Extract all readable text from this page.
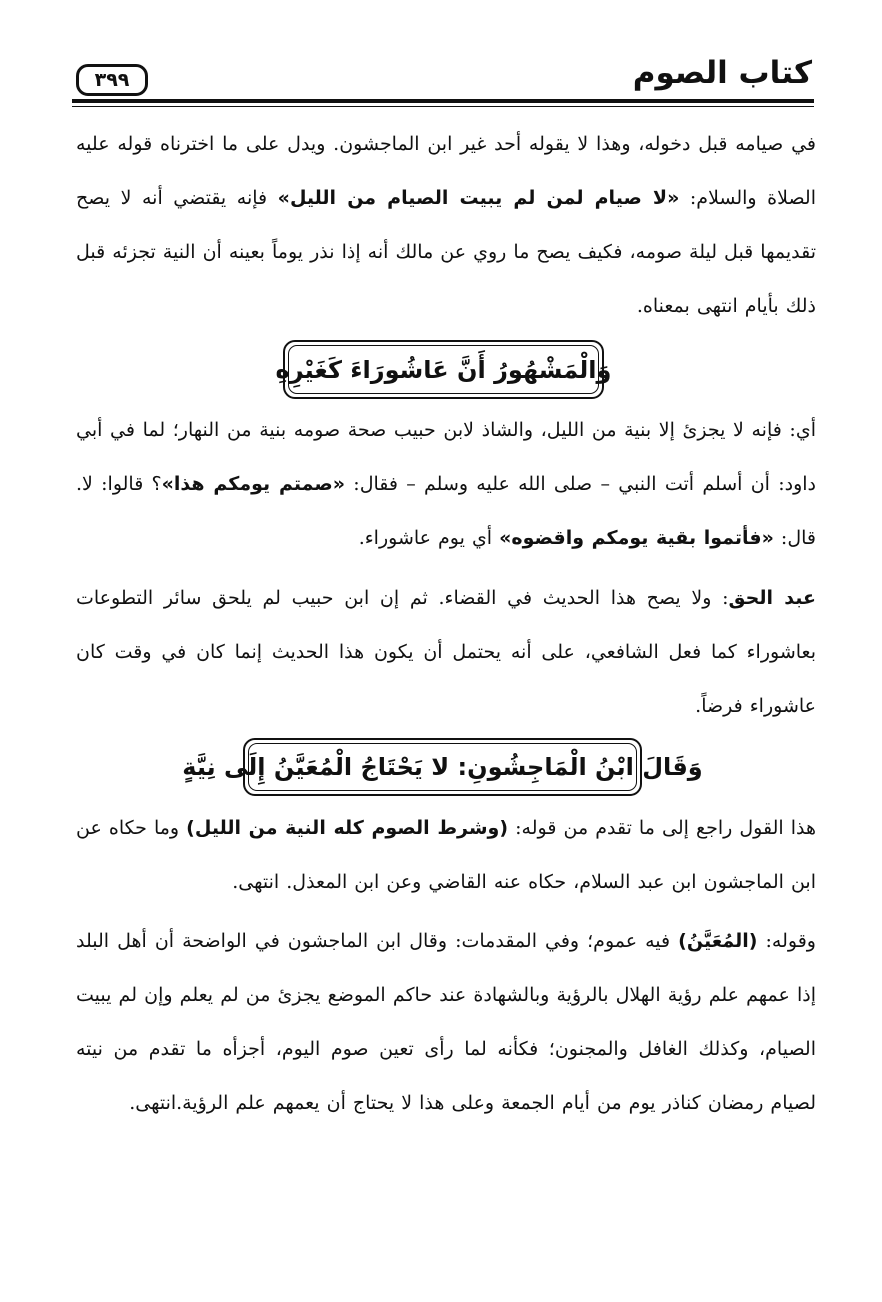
كتاب الصوم
٣٩٩
في صيامه قبل دخوله، وهذا لا يقوله أحد غير ابن الماجشون. ويدل على ما اخترناه قوله عليه الصلاة والسلام: «لا صيام لمن لم يبيت الصيام من الليل» فإنه يقتضي أنه لا يصح تقديمها قبل ليلة صومه، فكيف يصح ما روي عن مالك أنه إذا نذر يوماً بعينه أن النية تجزئه قبل ذلك بأيام انتهى بمعناه.
وَالْمَشْهُورُ أَنَّ عَاشُورَاءَ كَغَيْرِهِ
أي: فإنه لا يجزئ إلا بنية من الليل، والشاذ لابن حبيب صحة صومه بنية من النهار؛ لما في أبي داود: أن أسلم أتت النبي – صلى الله عليه وسلم – فقال: «صمتم يومكم هذا»؟ قالوا: لا. قال: «فأتموا بقية يومكم واقضوه» أي يوم عاشوراء.
عبد الحق: ولا يصح هذا الحديث في القضاء. ثم إن ابن حبيب لم يلحق سائر التطوعات بعاشوراء كما فعل الشافعي، على أنه يحتمل أن يكون هذا الحديث إنما كان في وقت كان عاشوراء فرضاً.
وَقَالَ ابْنُ الْمَاجِشُونِ: لا يَحْتَاجُ الْمُعَيَّنُ إِلَى نِيَّةٍ
هذا القول راجع إلى ما تقدم من قوله: (وشرط الصوم كله النية من الليل) وما حكاه عن ابن الماجشون ابن عبد السلام، حكاه عنه القاضي وعن ابن المعذل. انتهى.
وقوله: (المُعَيَّنُ) فيه عموم؛ وفي المقدمات: وقال ابن الماجشون في الواضحة أن أهل البلد إذا عمهم علم رؤية الهلال بالرؤية وبالشهادة عند حاكم الموضع يجزئ من لم يعلم وإن لم يبيت الصيام، وكذلك الغافل والمجنون؛ فكأنه لما رأى تعين صوم اليوم، أجزأه ما تقدم من نيته لصيام رمضان كناذر يوم من أيام الجمعة وعلى هذا لا يحتاج أن يعمهم علم الرؤية.انتهى.
